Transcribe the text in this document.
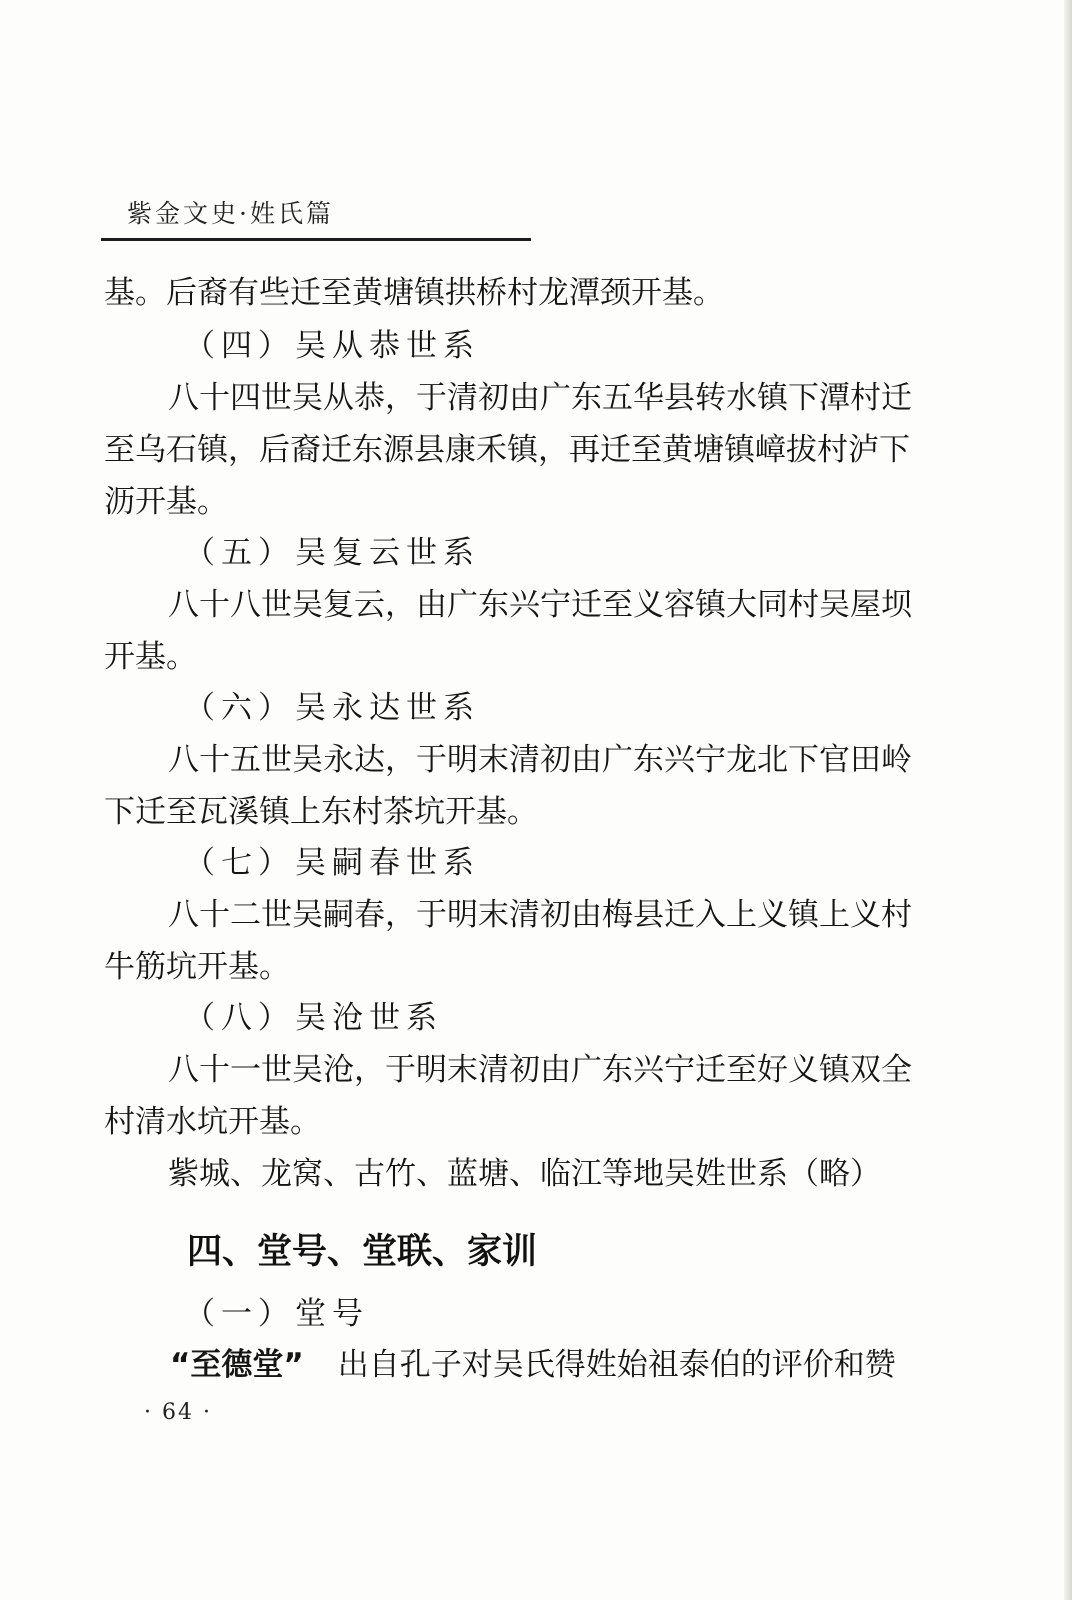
紫金文史·姓氏篇
基。后裔有些迁至黄塘镇拱桥村龙潭颈开基。
（四）吴从恭世系
八十四世吴从恭，于清初由广东五华县转水镇下潭村迁
至乌石镇，后裔迁东源县康禾镇，再迁至黄塘镇嶂拔村泸下
沥开基。
（五）吴复云世系
八十八世吴复云，由广东兴宁迁至义容镇大同村吴屋坝
开基。
（六）吴永达世系
八十五世吴永达，于明末清初由广东兴宁龙北下官田岭
下迁至瓦溪镇上东村茶坑开基。
（七）吴嗣春世系
八十二世吴嗣春，于明末清初由梅县迁入上义镇上义村
牛筋坑开基。
（八）吴沧世系
八十一世吴沧，于明末清初由广东兴宁迁至好义镇双全
村清水坑开基。
紫城、龙窝、古竹、蓝塘、临江等地吴姓世系（略）
四、堂号、堂联、家训
（一）堂号
“至德堂” 出自孔子对吴氏得姓始祖泰伯的评价和赞
· 64 ·
